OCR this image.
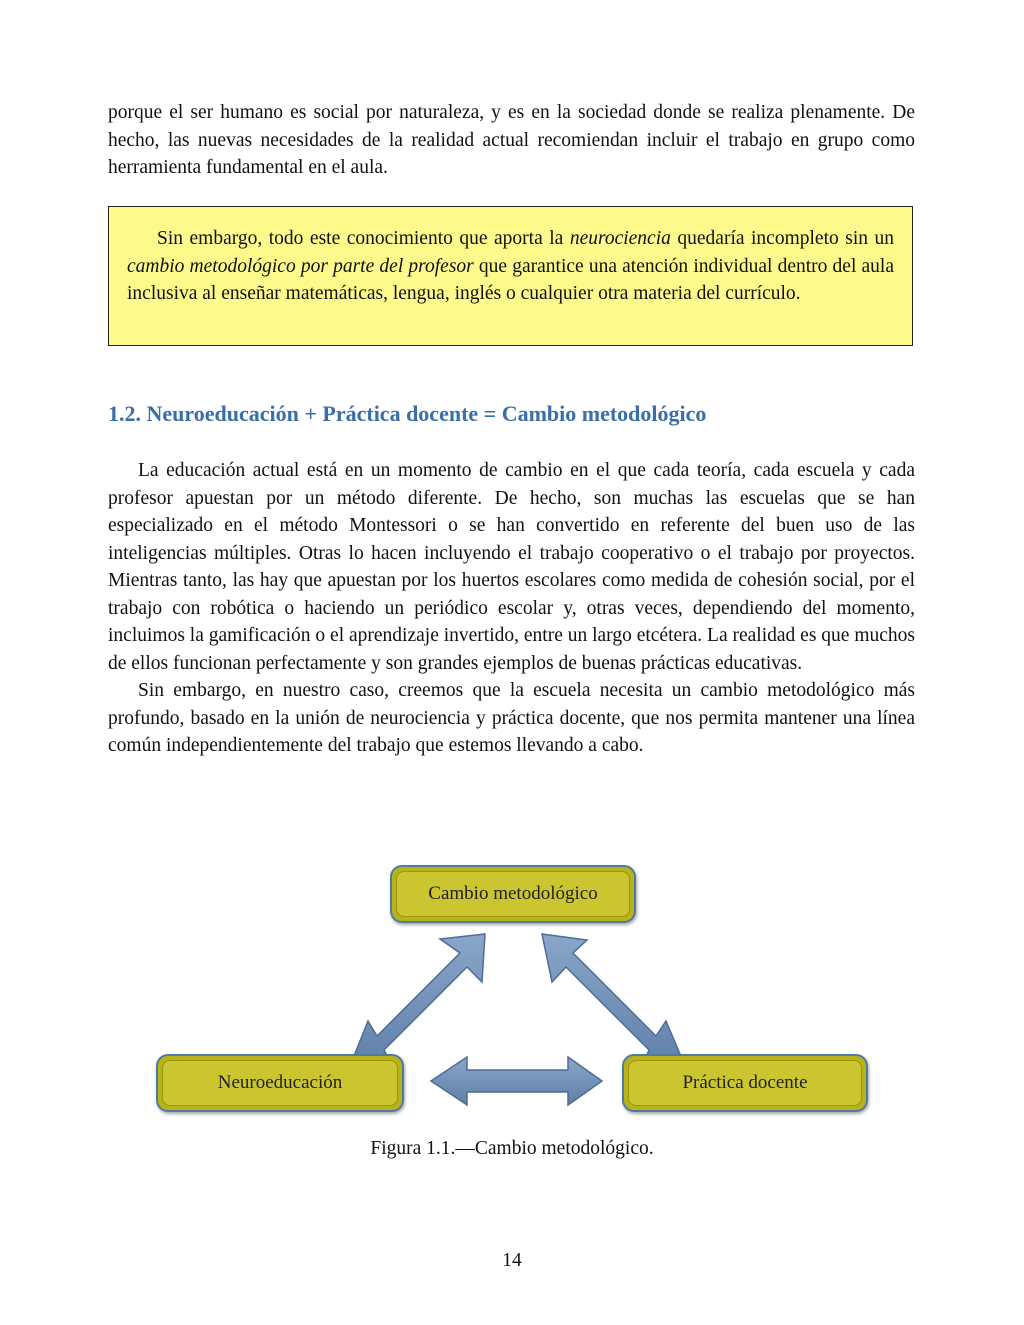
porque el ser humano es social por naturaleza, y es en la sociedad donde se realiza plenamente. De hecho, las nuevas necesidades de la realidad actual recomiendan incluir el trabajo en grupo como herramienta fundamental en el aula.

Sin embargo, todo este conocimiento que aporta la neurociencia quedaría incompleto sin un cambio metodológico por parte del profesor que garantice una atención individual dentro del aula inclusiva al enseñar matemáticas, lengua, inglés o cualquier otra materia del currículo.

1.2. Neuroeducación + Práctica docente = Cambio metodológico

La educación actual está en un momento de cambio en el que cada teoría, cada escuela y cada profesor apuestan por un método diferente. De hecho, son muchas las escuelas que se han especializado en el método Montessori o se han convertido en referente del buen uso de las inteligencias múltiples. Otras lo hacen incluyendo el trabajo cooperativo o el trabajo por proyectos. Mientras tanto, las hay que apuestan por los huertos escolares como medida de cohesión social, por el trabajo con robótica o haciendo un periódico escolar y, otras veces, dependiendo del momento, incluimos la gamificación o el aprendizaje invertido, entre un largo etcétera. La realidad es que muchos de ellos funcionan perfectamente y son grandes ejemplos de buenas prácticas educativas.

Sin embargo, en nuestro caso, creemos que la escuela necesita un cambio metodológico más profundo, basado en la unión de neurociencia y práctica docente, que nos permita mantener una línea común independientemente del trabajo que estemos llevando a cabo.

Cambio metodológico
Neuroeducación	Práctica docente

Figura 1.1.—Cambio metodológico.

14
